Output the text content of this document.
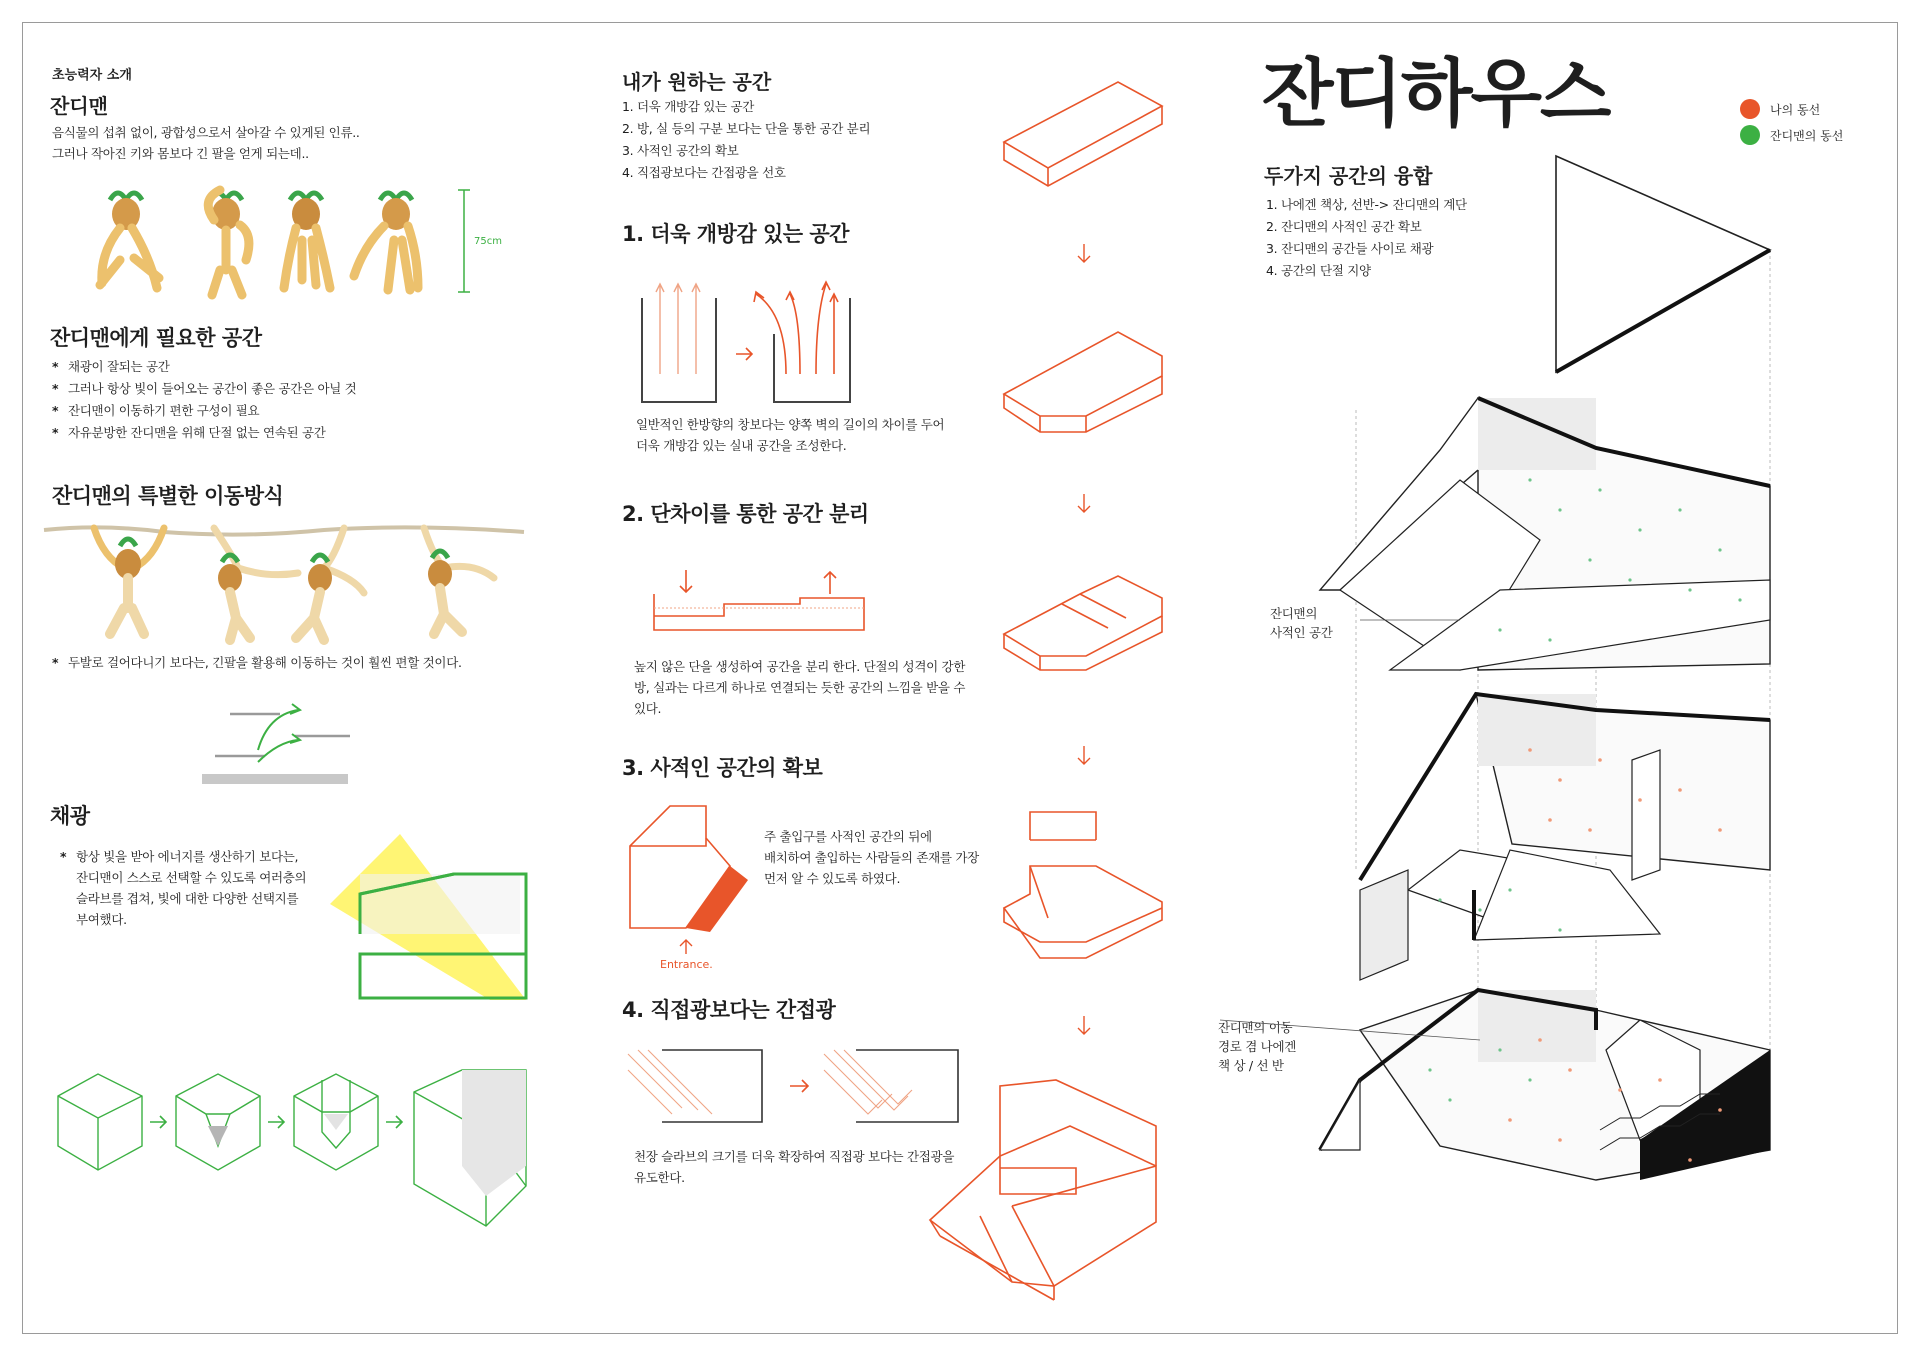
초능력자 소개
잔디맨
음식물의 섭취 없이, 광합성으로서 살아갈 수 있게된 인류..
그러나 작아진 키와 몸보다 긴 팔을 얻게 되는데..
75cm
잔디맨에게 필요한 공간
* 채광이 잘되는 공간
* 그러나 항상 빛이 들어오는 공간이 좋은 공간은 아닐 것
* 잔디맨이 이동하기 편한 구성이 필요
* 자유분방한 잔디맨을 위해 단절 없는 연속된 공간
잔디맨의 특별한 이동방식
* 두발로 걸어다니기 보다는, 긴팔을 활용해 이동하는 것이 훨씬 편할 것이다.
채광
* 항상 빛을 받아 에너지를 생산하기 보다는,
잔디맨이 스스로 선택할 수 있도록 여러층의
슬라브를 겹쳐, 빛에 대한 다양한 선택지를
부여했다.
내가 원하는 공간
1. 더욱 개방감 있는 공간
2. 방, 실 등의 구분 보다는 단을 통한 공간 분리
3. 사적인 공간의 확보
4. 직접광보다는 간접광을 선호
1. 더욱 개방감 있는 공간
일반적인 한방향의 창보다는 양쪽 벽의 길이의 차이를 두어
더욱 개방감 있는 실내 공간을 조성한다.
2. 단차이를 통한 공간 분리
높지 않은 단을 생성하여 공간을 분리 한다. 단절의 성격이 강한
방, 실과는 다르게 하나로 연결되는 듯한 공간의 느낌을 받을 수
있다.
3. 사적인 공간의 확보
Entrance.
주 출입구를 사적인 공간의 뒤에
배치하여 출입하는 사람들의 존재를 가장
먼저 알 수 있도록 하였다.
4. 직접광보다는 간접광
천장 슬라브의 크기를 더욱 확장하여 직접광 보다는 간접광을
유도한다.
잔디하우스	나의 동선
잔디맨의 동선
두가지 공간의 융합
1. 나에겐 책상, 선반-> 잔디맨의 계단
2. 잔디맨의 사적인 공간 확보
3. 잔디맨의 공간들 사이로 채광
4. 공간의 단절 지양
잔디맨의
사적인 공간
잔디맨의 이동
경로 겸 나에겐
책 상 / 선 반
